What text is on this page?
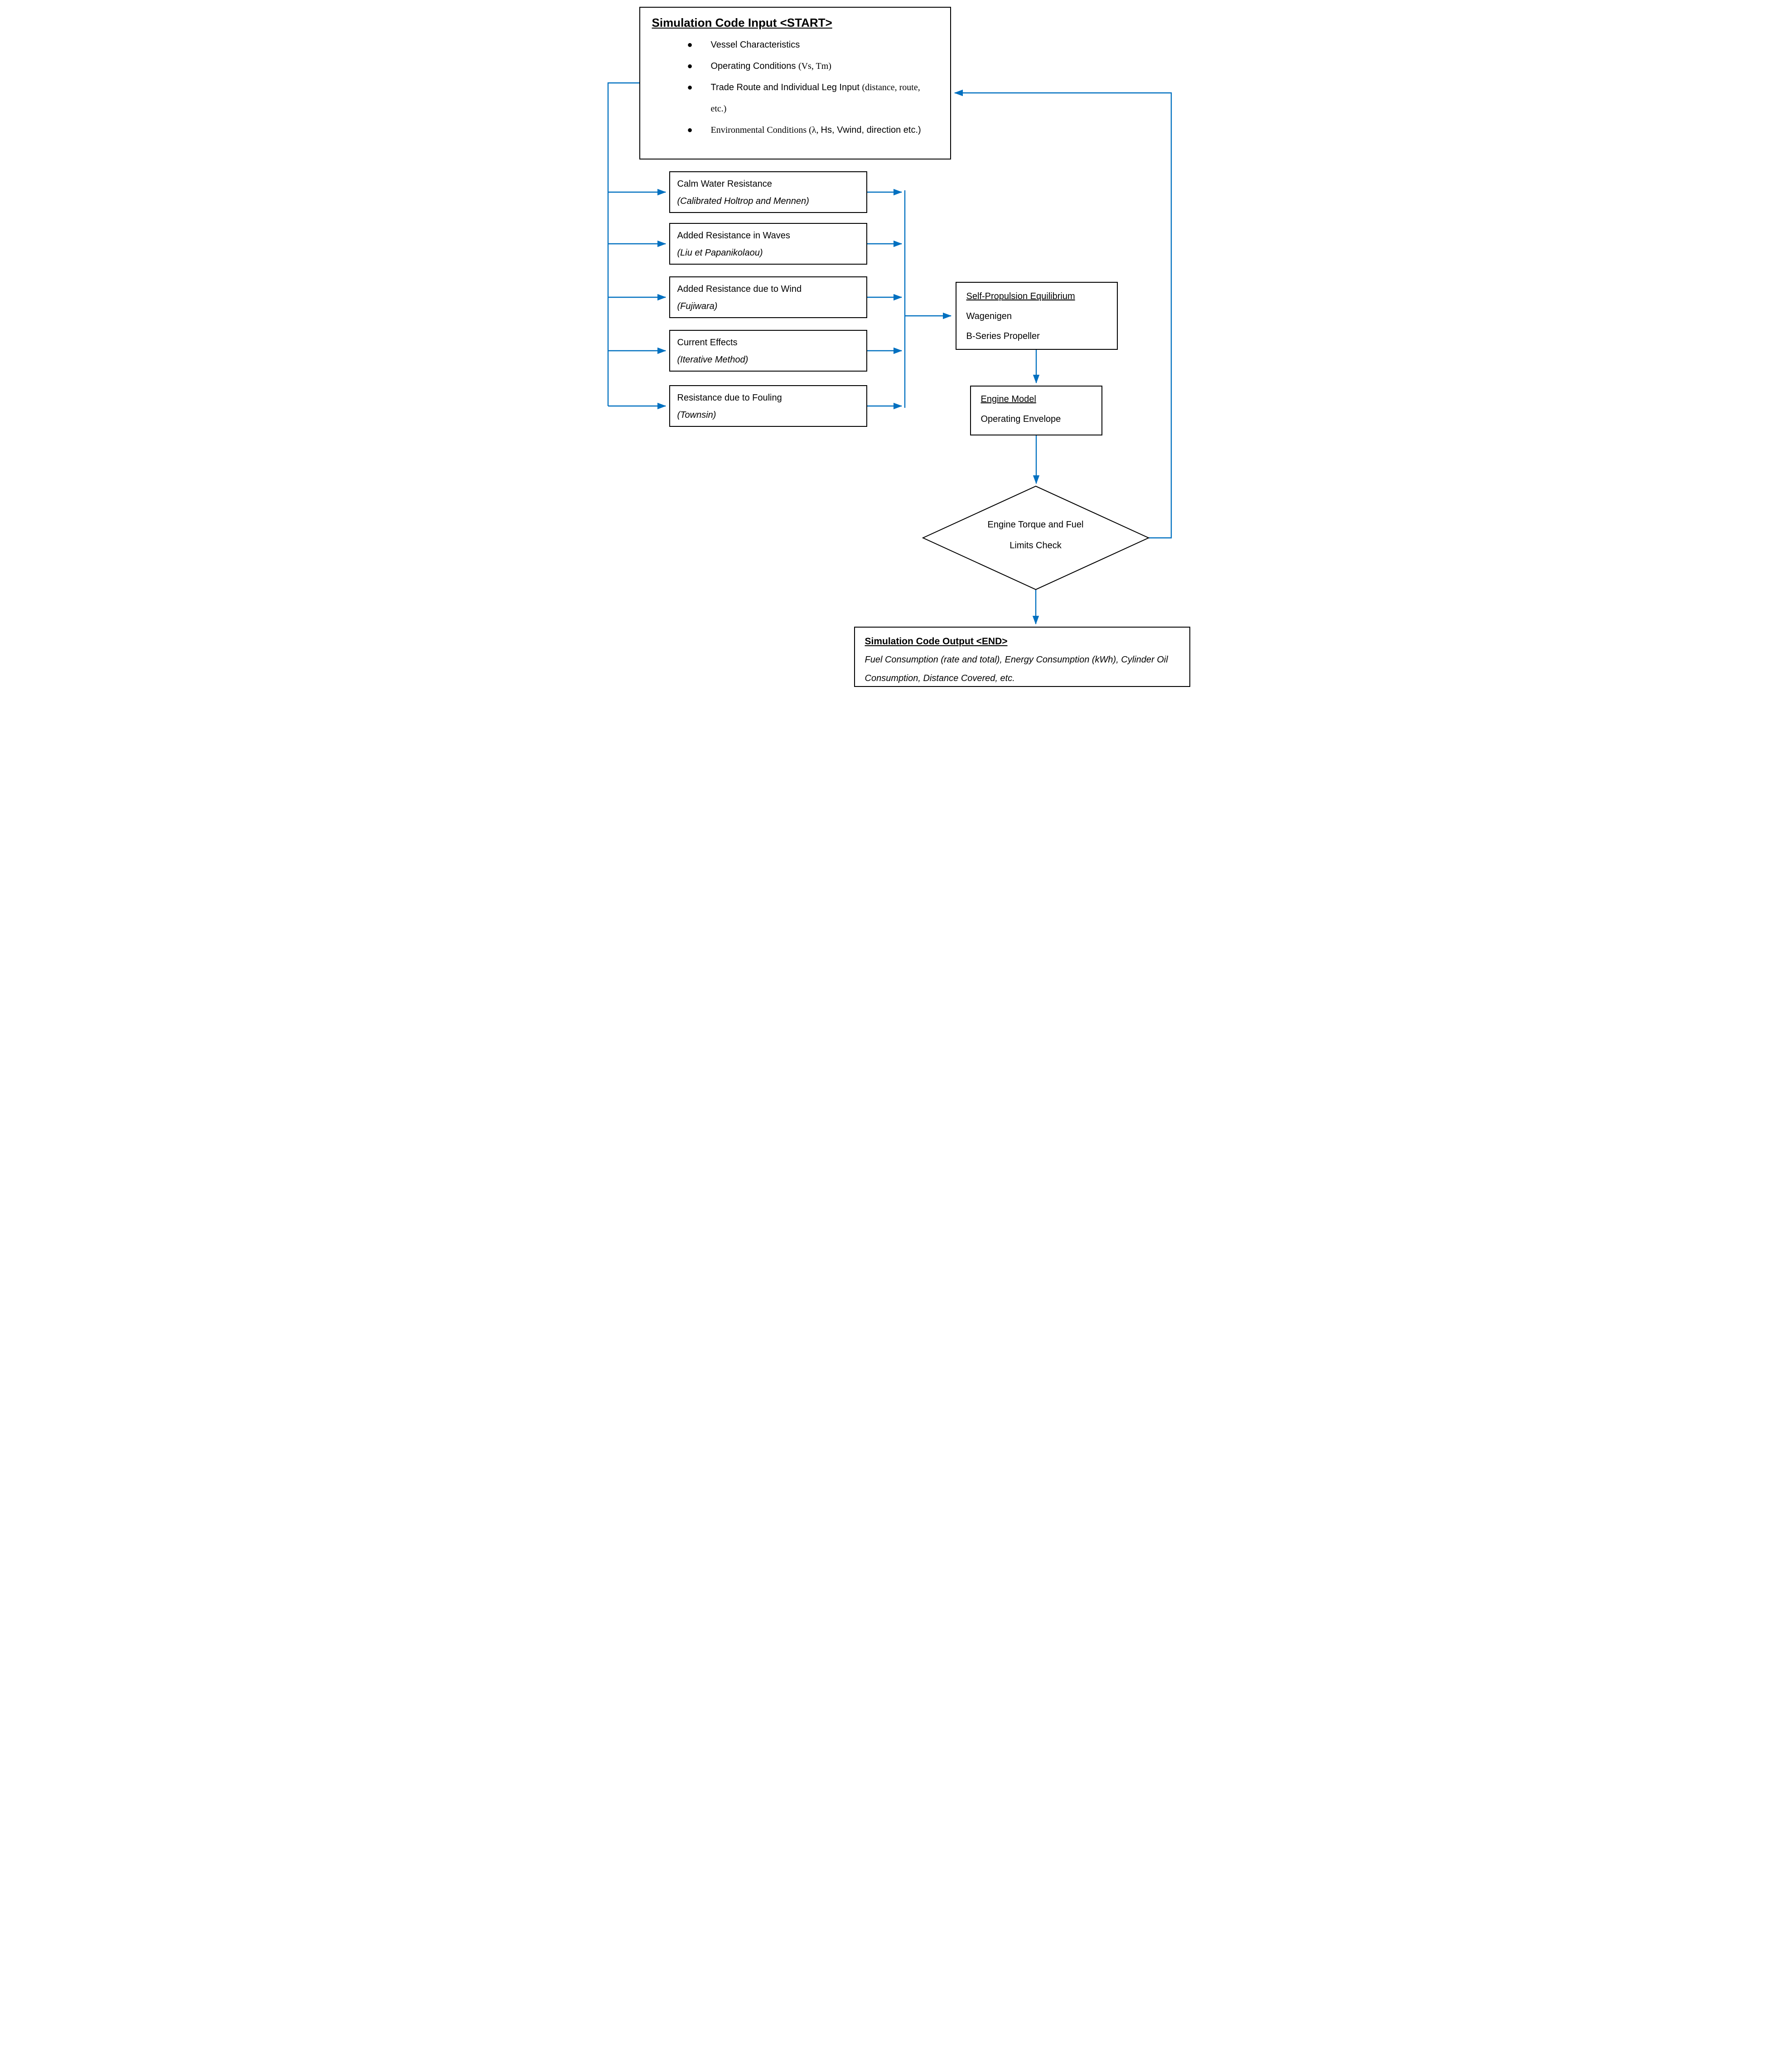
Simulation Code Input <START>
● Vessel Characteristics
● Operating Conditions (Vs, Tm)
● Trade Route and Individual Leg Input (distance, route, etc.)
● Environmental Conditions (λ, Hs, Vwind, direction etc.)
Calm Water Resistance
(Calibrated Holtrop and Mennen)
Added Resistance in Waves
(Liu et Papanikolaou)
Added Resistance due to Wind
(Fujiwara)
Current Effects
(Iterative Method)
Resistance due to Fouling
(Townsin)
Self-Propulsion Equilibrium
Wagenigen
B-Series Propeller
Engine Model
Operating Envelope
Engine Torque and Fuel
Limits Check
Simulation Code Output <END>
Fuel Consumption (rate and total), Energy Consumption (kWh), Cylinder Oil Consumption, Distance Covered, etc.
